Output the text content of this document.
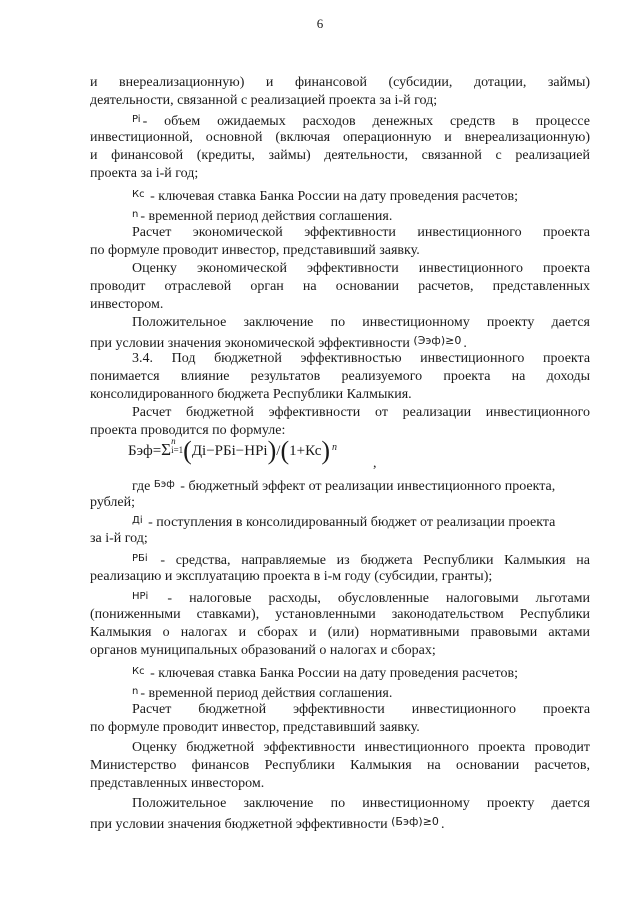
6
и внереализационную) и финансовой (субсидии, дотации, займы)
деятельности, связанной с реализацией проекта за i-й год;
$^{Pi}$ - объем ожидаемых расходов денежных средств в процессе
инвестиционной, основной (включая операционную и внереализационную)
и финансовой (кредиты, займы) деятельности, связанной с реализацией
проекта за i-й год;
$^{Кс}$ - ключевая ставка Банка России на дату проведения расчетов;
$^n$ - временной период действия соглашения.
Расчет экономической эффективности инвестиционного проекта
по формуле проводит инвестор, представивший заявку.
Оценку экономической эффективности инвестиционного проекта
проводит отраслевой орган на основании расчетов, представленных
инвестором.
Положительное заключение по инвестиционному проекту дается
при условии значения экономической эффективности $^{(Ээф)\ge 0}$ .
3.4. Под бюджетной эффективностью инвестиционного проекта
понимается влияние результатов реализуемого проекта на доходы
консолидированного бюджета Республики Калмыкия.
Расчет бюджетной эффективности от реализации инвестиционного
проекта проводится по формуле:
Бэф=Σn
i=1(Дi−РБi−НРi)/(1+Кс) $^n$
,
где $^{Бэф}$ - бюджетный эффект от реализации инвестиционного проекта,
рублей;
$^{Дi}$ - поступления в консолидированный бюджет от реализации проекта
за i-й год;
$^{РБi}$ - средства, направляемые из бюджета Республики Калмыкия на
реализацию и эксплуатацию проекта в i-м году (субсидии, гранты);
$^{НРi}$ - налоговые расходы, обусловленные налоговыми льготами
(пониженными ставками), установленными законодательством Республики
Калмыкия о налогах и сборах и (или) нормативными правовыми актами
органов муниципальных образований о налогах и сборах;
$^{Кс}$ - ключевая ставка Банка России на дату проведения расчетов;
$^n$ - временной период действия соглашения.
Расчет бюджетной эффективности инвестиционного проекта
по формуле проводит инвестор, представивший заявку.
Оценку бюджетной эффективности инвестиционного проекта проводит
Министерство финансов Республики Калмыкия на основании расчетов,
представленных инвестором.
Положительное заключение по инвестиционному проекту дается
при условии значения бюджетной эффективности $^{(Бэф)\ge 0}$ .
